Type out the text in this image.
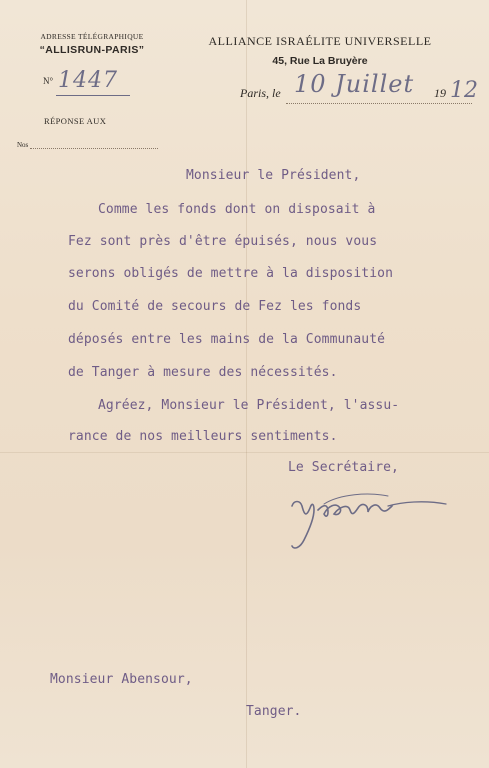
ADRESSE TÉLÉGRAPHIQUE
“ALLISRUN-PARIS”
N° 1447
RÉPONSE AUX
Nos
ALLIANCE ISRAÉLITE UNIVERSELLE
45, Rue La Bruyère
Paris, le 10 Juillet 19 12
Monsieur le Président,
Comme les fonds dont on disposait à
Fez sont près d'être épuisés, nous vous
serons obligés de mettre à la disposition
du Comité de secours de Fez les fonds
déposés entre les mains de la Communauté
de Tanger à mesure des nécessités.
Agréez, Monsieur le Président, l'assu-
rance de nos meilleurs sentiments.
Le Secrétaire,
Monsieur Abensour,
Tanger.
